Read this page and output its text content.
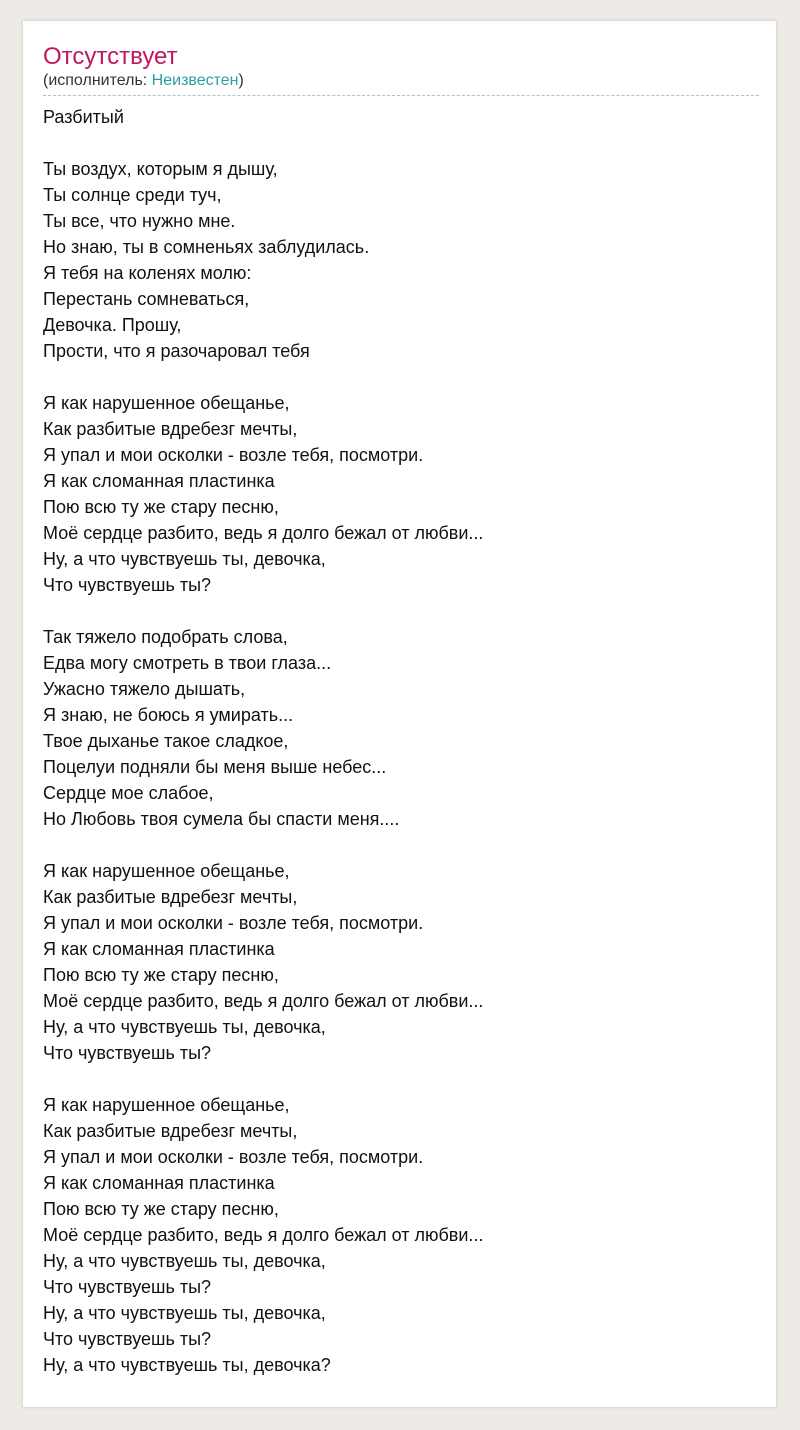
Отсутствует
(исполнитель: Неизвестен)
Разбитый
Ты воздух, которым я дышу,
Ты солнце среди туч,
Ты все, что нужно мне.
Но знаю, ты в сомненьях заблудилась.
Я тебя на коленях молю:
Перестань сомневаться,
Девочка. Прошу,
Прости, что я разочаровал тебя
Я как нарушенное обещанье,
Как разбитые вдребезг мечты,
Я упал и мои осколки - возле тебя, посмотри.
Я как сломанная пластинка
Пою всю ту же стару песню,
Моё сердце разбито, ведь я долго бежал от любви...
Ну, а что чувствуешь ты, девочка,
Что чувствуешь ты?
Так тяжело подобрать слова,
Едва могу смотреть в твои глаза...
Ужасно тяжело дышать,
Я знаю, не боюсь я умирать...
Твое дыханье такое сладкое,
Поцелуи подняли бы меня выше небес...
Сердце мое слабое,
Но Любовь твоя сумела бы спасти меня....
Я как нарушенное обещанье,
Как разбитые вдребезг мечты,
Я упал и мои осколки - возле тебя, посмотри.
Я как сломанная пластинка
Пою всю ту же стару песню,
Моё сердце разбито, ведь я долго бежал от любви...
Ну, а что чувствуешь ты, девочка,
Что чувствуешь ты?
Я как нарушенное обещанье,
Как разбитые вдребезг мечты,
Я упал и мои осколки - возле тебя, посмотри.
Я как сломанная пластинка
Пою всю ту же стару песню,
Моё сердце разбито, ведь я долго бежал от любви...
Ну, а что чувствуешь ты, девочка,
Что чувствуешь ты?
Ну, а что чувствуешь ты, девочка,
Что чувствуешь ты?
Ну, а что чувствуешь ты, девочка?
